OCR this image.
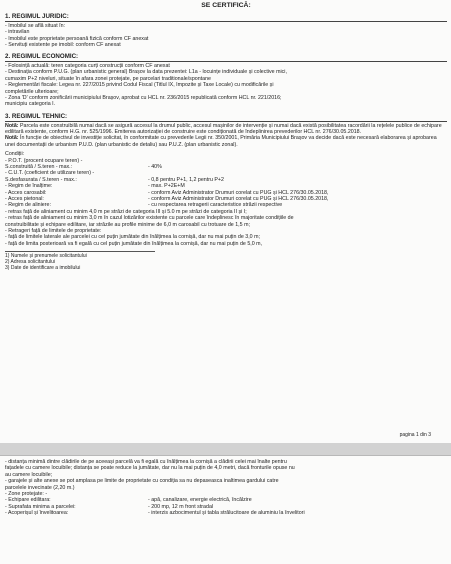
SE CERTIFICĂ:
1. REGIMUL JURIDIC:
- Imobilul se află situat în:
- intravilan
- Imobilul este proprietate persoană fizică conform CF anexat
- Servituți existente pe imobil: conform CF anexat
2. REGIMUL ECONOMIC:
- Folosință actuală: teren categoria curți construcții conform CF anexat
- Destinația conform P.U.G. (plan urbanistic general) Brașov la data prezentei: L1a - locuințe individuale și colective mici,
cumaxim P+2 niveluri, situate în afara zonei protejate, pe parcelari traditionale/spontane
- Reglementări fiscale: Legea nr. 227/2015 privind Codul Fiscal (Titlul IX, Impozite și Taxe Locale) cu modificările și
completările ulterioare;
- Zona 'D' conform zonificării municipiului Brașov, aprobat cu HCL nr. 236/2015 republicată conform HCL nr. 221/2016;
municipiu categoria I.
3. REGIMUL TEHNIC:
Notă: Parcela este construibilă numai dacă se asigură accesul la drumul public, accesul mașinilor de intervenție și numai dacă există posibilitatea racordării la rețelele publice de echipare edilitară existente, conform H.G. nr. 525/1996. Emiterea autorizației de construire este condiționată de îndeplinirea prevederilor HCL nr. 276/30.05.2018.
Notă: În funcție de obiectivul de investiție solicitat, în conformitate cu prevederile Legii nr. 350/2001, Primăria Municipiului Brașov va decide dacă este necesară elaborarea și aprobarea unei documentații de urbanism P.U.D. (plan urbanistic de detaliu) sau P.U.Z. (plan urbanistic zonal).
Condiții:
- P.O.T. (procent ocupare teren) -
S.construită / S.teren - max.:	- 40%
- C.U.T. (coeficient de utilizare teren) -
S.desfasurata / S.teren - max.:	- 0,8 pentru P+1, 1,2 pentru P+2
- Regim de înalțime:	- max. P+2E+M
- Acces carosabil:	- conform Aviz Administrator Drumuri corelat cu PUG și HCL 276/30.05.2018,
- Acces pietonal:	- conform Aviz Administrator Drumuri corelat cu PUG și HCL 276/30.05.2018,
- Regim de aliniere:	- cu respectarea retragerii caracteristice străzii respective
- retras față de aliniament cu minim 4,0 m pe străzi de categoria III și 5.0 m pe străzi de categoria II și I;
- retras față de aliniament cu minim 3,0 m în cazul lotizărilor existente cu parcele care îndeplinesc în majoritate condițiile de
construibilitate și echipare edilitare, iar străzile au profile minime de 6,0 m carosabil cu trotuare de 1,5 m;
- Retrageri față de limitele de proprietate:
- față de limitele laterale ale parcelei cu cel puțin jumătate din înălțimea la cornișă, dar nu mai puțin de 3,0 m;
- față de limita posterioară va fi egală cu cel puțin jumătate din înălțimea la cornișă, dar nu mai puțin de 5,0 m,
1) Numele și prenumele solicitantului
2) Adresa solicitantului
3) Date de identificare a imobilului
pagina 1 din 3
- distanța minimă dintre clădirile de pe aceeași parcelă va fi egală cu înălțimea la cornișă a clădirii celei mai înalte pentru
fațadele cu camere locuibile; distanța se poate reduce la jumătate, dar nu la mai puțin de 4,0 metri, dacă fronturile opuse nu
au camere locuibile;
- garajele și alte anexe se pot amplasa pe limite de proprietate cu condiția sa nu depaseasca inaltimea gardului catre
parcelele invecinate (2,20 m.)
- Zone protejate: -
- Echipare edilitara:	- apă, canalizare, energie electrică, încălzire
- Suprafata minima a parcelei:	- 200 mp, 12 m front stradal
- Acoperișul și învelitoarea:	- interzis azbocimentul și tabla strălucitoare de aluminiu la învelitori
